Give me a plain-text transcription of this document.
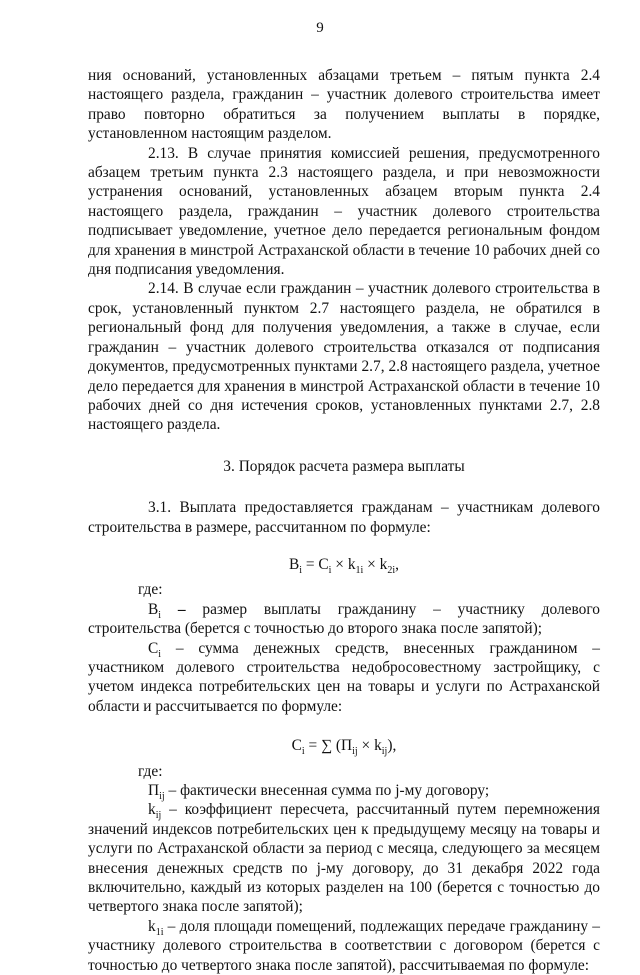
9

ния оснований, установленных абзацами третьем – пятым пункта 2.4 настоящего раздела, гражданин – участник долевого строительства имеет право повторно обратиться за получением выплаты в порядке, установленном настоящим разделом.

2.13. В случае принятия комиссией решения, предусмотренного абзацем третьим пункта 2.3 настоящего раздела, и при невозможности устранения оснований, установленных абзацем вторым пункта 2.4 настоящего раздела, гражданин – участник долевого строительства подписывает уведомление, учетное дело передается региональным фондом для хранения в минстрой Астраханской области в течение 10 рабочих дней со дня подписания уведомления.

2.14. В случае если гражданин – участник долевого строительства в срок, установленный пунктом 2.7 настоящего раздела, не обратился в региональный фонд для получения уведомления, а также в случае, если гражданин – участник долевого строительства отказался от подписания документов, предусмотренных пунктами 2.7, 2.8 настоящего раздела, учетное дело передается для хранения в минстрой Астраханской области в течение 10 рабочих дней со дня истечения сроков, установленных пунктами 2.7, 2.8 настоящего раздела.

3. Порядок расчета размера выплаты

3.1. Выплата предоставляется гражданам – участникам долевого строительства в размере, рассчитанном по формуле:

$B_i = C_i \times k_{1i} \times k_{2i}$,

где:

$B_i$ – размер выплаты гражданину – участнику долевого строительства (берется с точностью до второго знака после запятой);

$C_i$ – сумма денежных средств, внесенных гражданином – участником долевого строительства недобросовестному застройщику, с учетом индекса потребительских цен на товары и услуги по Астраханской области и рассчитывается по формуле:

$C_i$ = ∑ $(П_{ij} \times k_{ij})$,

где:

$П_{ij}$ – фактически внесенная сумма по j-му договору;

$k_{ij}$ – коэффициент пересчета, рассчитанный путем перемножения значений индексов потребительских цен к предыдущему месяцу на товары и услуги по Астраханской области за период с месяца, следующего за месяцем внесения денежных средств по j-му договору, до 31 декабря 2022 года включительно, каждый из которых разделен на 100 (берется с точностью до четвертого знака после запятой);

$k_{1i}$ – доля площади помещений, подлежащих передаче гражданину – участнику долевого строительства в соответствии с договором (берется с точностью до четвертого знака после запятой), рассчитываемая по формуле:
